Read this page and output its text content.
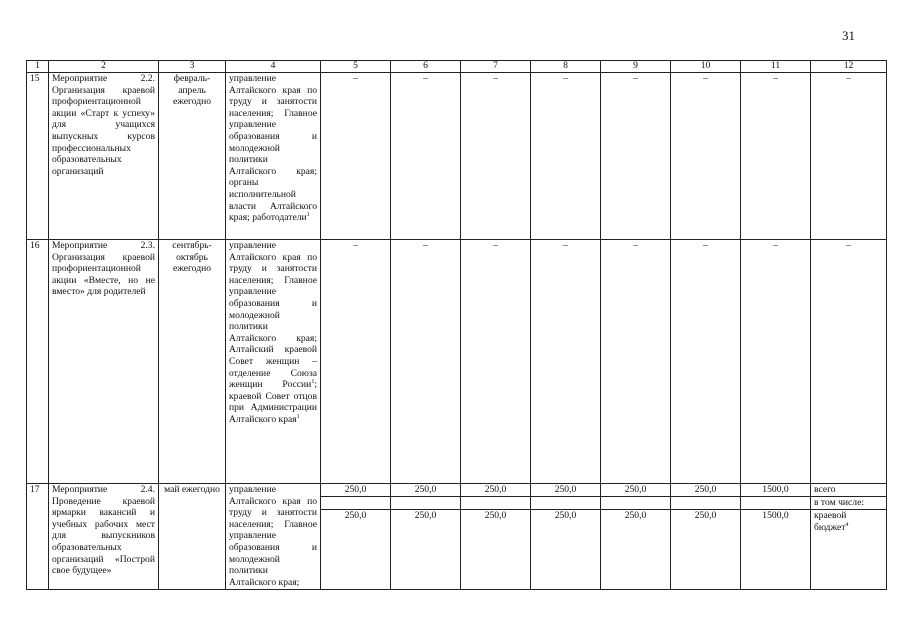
31
1	2	3	4	5	6	7	8	9	10	11	12
15	Мероприятие 2.2. Организация краевой профориентационной акции «Старт к успеху» для учащихся выпускных курсов профессиональных образовательных организаций	февраль-апрель ежегодно	управление Алтайского края по труду и занятости населения; Главное управление образования и молодежной политики Алтайского края; органы исполнительной власти Алтайского края; работодатели$^1$	–	–	–	–	–	–	–	–
16	Мероприятие 2.3. Организация краевой профориентационной акции «Вместе, но не вместо» для родителей	сентябрь-октябрь ежегодно	управление Алтайского края по труду и занятости населения; Главное управление образования и молодежной политики Алтайского края; Алтайский краевой Совет женщин – отделение Союза женщин России$^1$; краевой Совет отцов при Администрации Алтайского края$^1$	–	–	–	–	–	–	–	–
17	Мероприятие 2.4. Проведение краевой ярмарки вакансий и учебных рабочих мест для выпускников образовательных организаций «Построй свое будущее»	май ежегодно	управление Алтайского края по труду и занятости населения; Главное управление образования и молодежной политики Алтайского края;	250,0	250,0	250,0	250,0	250,0	250,0	1500,0	всего
											в том числе:
				250,0	250,0	250,0	250,0	250,0	250,0	1500,0	краевой бюджет$^4$
